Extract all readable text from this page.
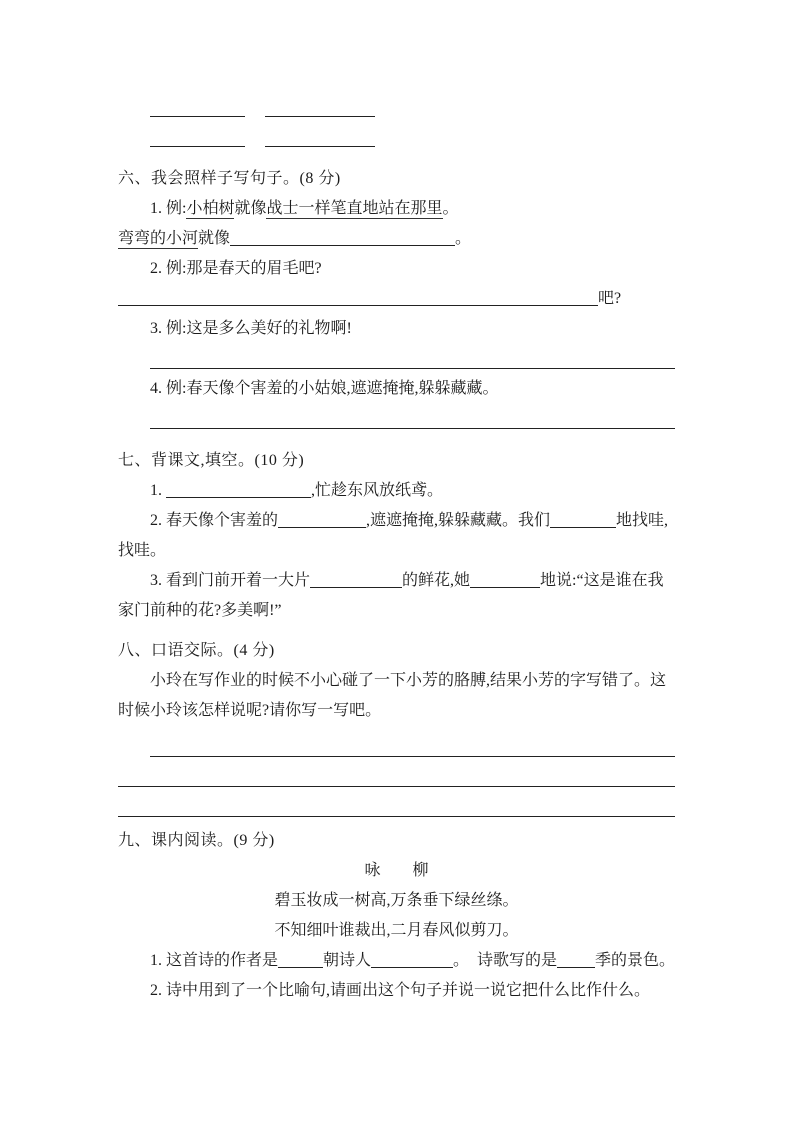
六、我会照样子写句子。(8 分)
1. 例:小柏树就像战士一样笔直地站在那里。
弯弯的小河就像	。
2. 例:那是春天的眉毛吧?
吧?
3. 例:这是多么美好的礼物啊!
4. 例:春天像个害羞的小姑娘,遮遮掩掩,躲躲藏藏。
七、背课文,填空。(10 分)
1.	,忙趁东风放纸鸢。
2. 春天像个害羞的	,遮遮掩掩,躲躲藏藏。我们	地找哇,
找哇。
3. 看到门前开着一大片	的鲜花,她	地说:“这是谁在我
家门前种的花?多美啊!”
八、口语交际。(4 分)
小玲在写作业的时候不小心碰了一下小芳的胳膊,结果小芳的字写错了。这
时候小玲该怎样说呢?请你写一写吧。
九、课内阅读。(9 分)
咏　　柳
碧玉妆成一树高,万条垂下绿丝绦。
不知细叶谁裁出,二月春风似剪刀。
1. 这首诗的作者是	朝诗人	。　诗歌写的是 季的景色。
2. 诗中用到了一个比喻句,请画出这个句子并说一说它把什么比作什么。
